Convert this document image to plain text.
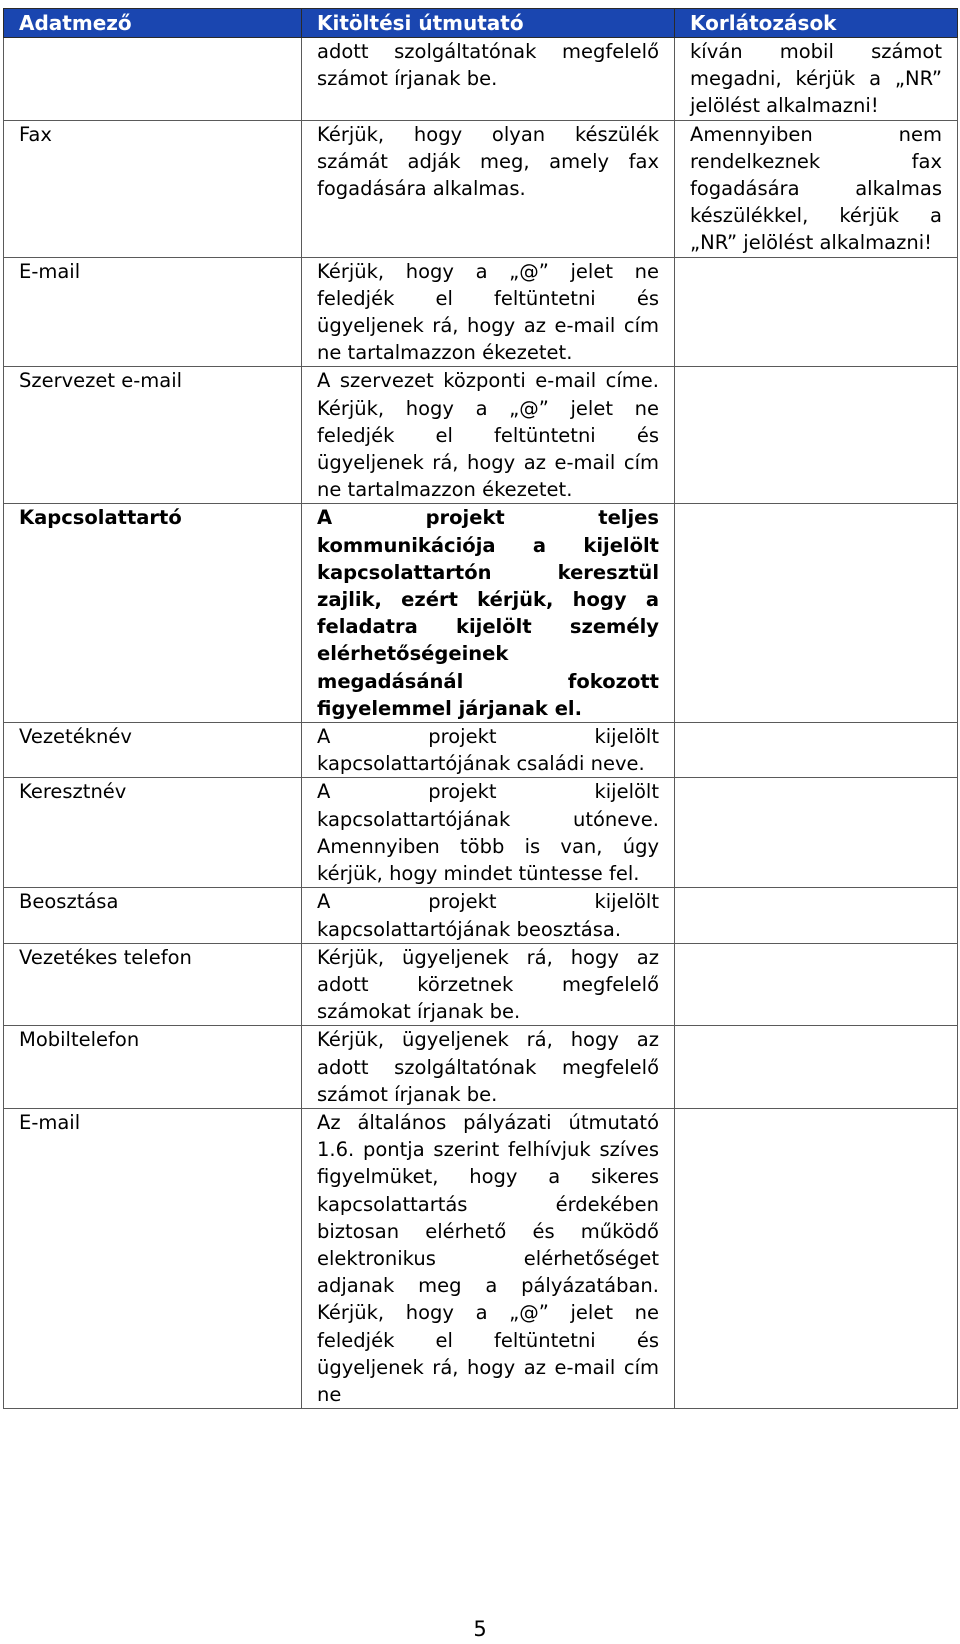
Adatmező	Kitöltési útmutató	Korlátozások
	adott szolgáltatónak megfelelő számot írjanak be.	kíván mobil számot megadni, kérjük a „NR” jelölést alkalmazni!
Fax	Kérjük, hogy olyan készülék számát adják meg, amely fax fogadására alkalmas.	Amennyiben nem rendelkeznek fax fogadására alkalmas készülékkel, kérjük a „NR” jelölést alkalmazni!
E-mail	Kérjük, hogy a „@” jelet ne feledjék el feltüntetni és ügyeljenek rá, hogy az e-mail cím ne tartalmazzon ékezetet.	
Szervezet e-mail	A szervezet központi e-mail címe. Kérjük, hogy a „@” jelet ne feledjék el feltüntetni és ügyeljenek rá, hogy az e-mail cím ne tartalmazzon ékezetet.	
Kapcsolattartó	A projekt teljes kommunikációja a kijelölt kapcsolattartón keresztül zajlik, ezért kérjük, hogy a feladatra kijelölt személy elérhetőségeinek megadásánál fokozott figyelemmel járjanak el.	
Vezetéknév	A projekt kijelölt kapcsolattartójának családi neve.	
Keresztnév	A projekt kijelölt kapcsolattartójának utóneve. Amennyiben több is van, úgy kérjük, hogy mindet tüntesse fel.	
Beosztása	A projekt kijelölt kapcsolattartójának beosztása.	
Vezetékes telefon	Kérjük, ügyeljenek rá, hogy az adott körzetnek megfelelő számokat írjanak be.	
Mobiltelefon	Kérjük, ügyeljenek rá, hogy az adott szolgáltatónak megfelelő számot írjanak be.	
E-mail	Az általános pályázati útmutató 1.6. pontja szerint felhívjuk szíves figyelmüket, hogy a sikeres kapcsolattartás érdekében biztosan elérhető és működő elektronikus elérhetőséget adjanak meg a pályázatában. Kérjük, hogy a „@” jelet ne feledjék el feltüntetni és ügyeljenek rá, hogy az e-mail cím ne	
5
